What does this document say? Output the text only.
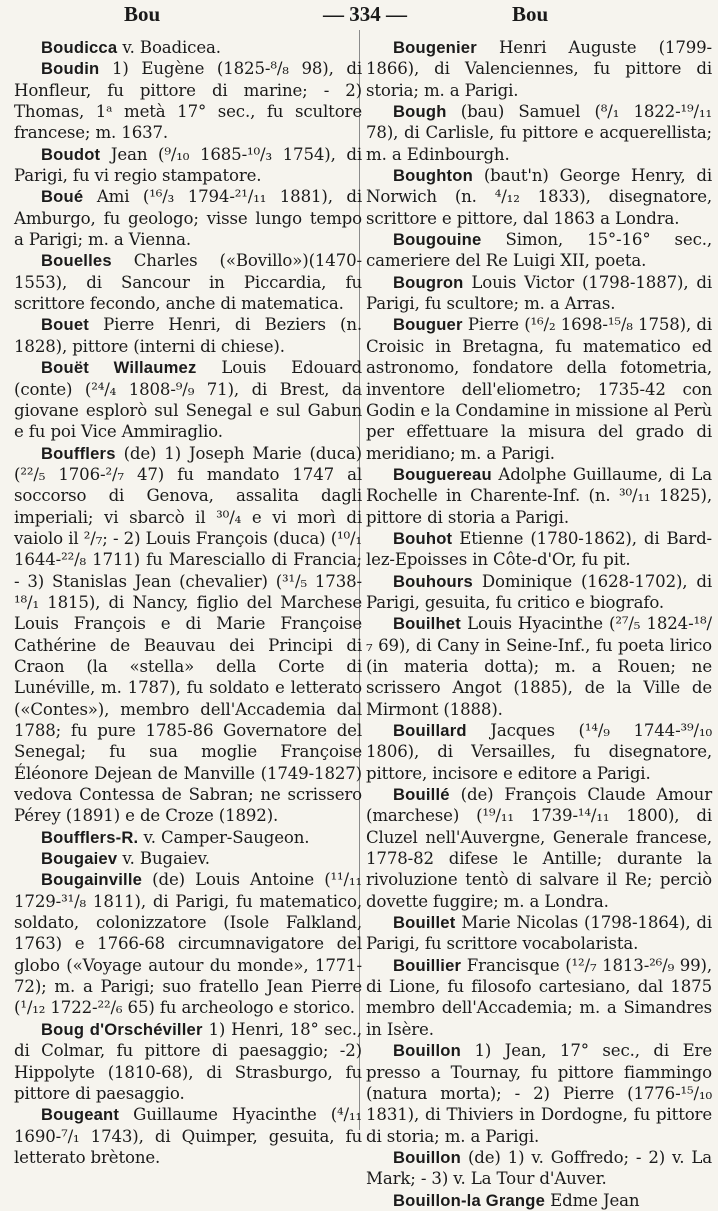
Bou	— 334 —	Bou

Boudicca v. Boadicea.

Boudin 1) Eugène (1825-⁸/₈ 98), di Honfleur, fu pittore di marine; - 2) Thomas, 1ᵃ metà 17° sec., fu scultore francese; m. 1637.

Boudot Jean (⁹/₁₀ 1685-¹⁰/₃ 1754), di Parigi, fu vi regio stampatore.

Boué Ami (¹⁶/₃ 1794-²¹/₁₁ 1881), di Amburgo, fu geologo; visse lungo tempo a Parigi; m. a Vienna.

Bouelles Charles («Bovillo»)(1470-1553), di Sancour in Piccardia, fu scrittore fecondo, anche di matematica.

Bouet Pierre Henri, di Beziers (n. 1828), pittore (interni di chiese).

Bouët Willaumez Louis Edouard (conte) (²⁴/₄ 1808-⁹/₉ 71), di Brest, da giovane esplorò sul Senegal e sul Gabun e fu poi Vice Ammiraglio.

Boufflers (de) 1) Joseph Marie (duca) (²²/₅ 1706-²/₇ 47) fu mandato 1747 al soccorso di Genova, assalita dagli imperiali; vi sbarcò il ³⁰/₄ e vi morì di vaiolo il ²/₇; - 2) Louis François (duca) (¹⁰/₁ 1644-²²/₈ 1711) fu Maresciallo di Francia; - 3) Stanislas Jean (chevalier) (³¹/₅ 1738-¹⁸/₁ 1815), di Nancy, figlio del Marchese Louis François e di Marie Françoise Cathérine de Beauvau dei Principi di Craon (la «stella» della Corte di Lunéville, m. 1787), fu soldato e letterato («Contes»), membro dell'Accademia dal 1788; fu pure 1785-86 Governatore del Senegal; fu sua moglie Françoise Éléonore Dejean de Manville (1749-1827) vedova Contessa de Sabran; ne scrissero Pérey (1891) e de Croze (1892).

Boufflers-R. v. Camper-Saugeon.

Bougaiev v. Bugaiev.

Bougainville (de) Louis Antoine (¹¹/₁₁ 1729-³¹/₈ 1811), di Parigi, fu matematico, soldato, colonizzatore (Isole Falkland, 1763) e 1766-68 circumnavigatore del globo («Voyage autour du monde», 1771-72); m. a Parigi; suo fratello Jean Pierre (¹/₁₂ 1722-²²/₆ 65) fu archeologo e storico.

Boug d'Orschéviller 1) Henri, 18° sec., di Colmar, fu pittore di paesaggio; -2) Hippolyte (1810-68), di Strasburgo, fu pittore di paesaggio.

Bougeant Guillaume Hyacinthe (⁴/₁₁ 1690-⁷/₁ 1743), di Quimper, gesuita, fu letterato brètone.

Bougenier Henri Auguste (1799-1866), di Valenciennes, fu pittore di storia; m. a Parigi.

Bough (bau) Samuel (⁸/₁ 1822-¹⁹/₁₁ 78), di Carlisle, fu pittore e acquerellista; m. a Edinbourgh.

Boughton (baut'n) George Henry, di Norwich (n. ⁴/₁₂ 1833), disegnatore, scrittore e pittore, dal 1863 a Londra.

Bougouine Simon, 15°-16° sec., cameriere del Re Luigi XII, poeta.

Bougron Louis Victor (1798-1887), di Parigi, fu scultore; m. a Arras.

Bouguer Pierre (¹⁶/₂ 1698-¹⁵/₈ 1758), di Croisic in Bretagna, fu matematico ed astronomo, fondatore della fotometria, inventore dell'eliometro; 1735-42 con Godin e la Condamine in missione al Perù per effettuare la misura del grado di meridiano; m. a Parigi.

Bouguereau Adolphe Guillaume, di La Rochelle in Charente-Inf. (n. ³⁰/₁₁ 1825), pittore di storia a Parigi.

Bouhot Etienne (1780-1862), di Bard-lez-Epoisses in Côte-d'Or, fu pit.

Bouhours Dominique (1628-1702), di Parigi, gesuita, fu critico e biografo.

Bouilhet Louis Hyacinthe (²⁷/₅ 1824-¹⁸/₇ 69), di Cany in Seine-Inf., fu poeta lirico (in materia dotta); m. a Rouen; ne scrissero Angot (1885), de la Ville de Mirmont (1888).

Bouillard Jacques (¹⁴/₉ 1744-³⁹/₁₀ 1806), di Versailles, fu disegnatore, pittore, incisore e editore a Parigi.

Bouillé (de) François Claude Amour (marchese) (¹⁹/₁₁ 1739-¹⁴/₁₁ 1800), di Cluzel nell'Auvergne, Generale francese, 1778-82 difese le Antille; durante la rivoluzione tentò di salvare il Re; perciò dovette fuggire; m. a Londra.

Bouillet Marie Nicolas (1798-1864), di Parigi, fu scrittore vocabolarista.

Bouillier Francisque (¹²/₇ 1813-²⁶/₉ 99), di Lione, fu filosofo cartesiano, dal 1875 membro dell'Accademia; m. a Simandres in Isère.

Bouillon 1) Jean, 17° sec., di Ere presso a Tournay, fu pittore fiammingo (natura morta); - 2) Pierre (1776-¹⁵/₁₀ 1831), di Thiviers in Dordogne, fu pittore di storia; m. a Parigi.

Bouillon (de) 1) v. Goffredo; - 2) v. La Mark; - 3) v. La Tour d'Auver.

Bouillon-la Grange Edme Jean
